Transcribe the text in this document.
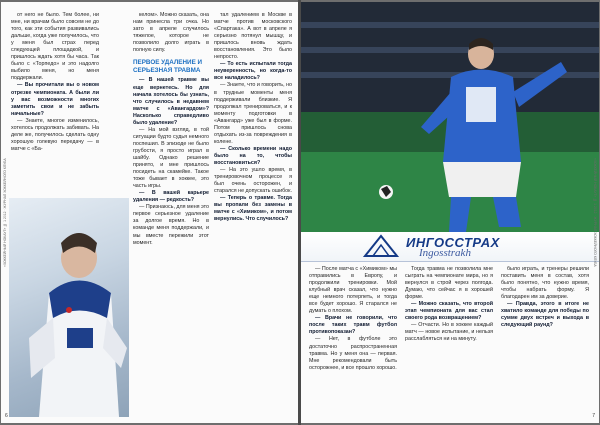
«ХОККЕЙНЫЙ НОКАУТ» № 1 2012 · ЖУРНАЛ ХОККЕЙНОГО КЛУБА

от него не было. Тем более, ни мне, ни врачам было совсем не до того, как эти события развивались дальше, когда уже получилось, что у меня был страх перед следующей площадкой, и пришлось ждать хотя бы часа. Так было с «Торпедо» и это надолго выбило меня, но меня поддержали.

— Вы прочитали вы о новом отрезке чемпионата. А были ли у вас возможности многих заметить свои и не забыть начальные?

— Знаете, многое изменилось, хотелось продолжать забивать. На деле же, получилось сделать одну хорошую голевую передачу — в матче с «Ба-

келом». Можно сказать, она нам принесла три очка. Но зато в апреле случилось тяжелое, которое не позволило долго играть в полную силу.

ПЕРВОЕ УДАЛЕНИЕ И СЕРЬЕЗНАЯ ТРАВМА

— В нашей травме вы еще вернетесь. Но для начала хотелось бы узнать, что случилось в недавнем матче с «Авангардом»? Насколько справедливо было удаление?

— На мой взгляд, в той ситуации будто судья немного поспешил. В эпизоде не было грубости, я просто играл в шайбу. Однако решение принято, и мне пришлось посидеть на скамейке. Такое тоже бывает в хоккее, это часть игры.

— В вашей карьере удаления — редкость?

— Признаюсь, для меня это первое серьезное удаление за долгое время. Но в команде меня поддержали, и мы вместе пережили этот момент.

тал удалением в Москве в матче против московского «Спартака». А вот в апреле я серьезно потянул мышцу, и пришлось вновь ждать восстановления. Это было непросто.

— То есть испытали тогда неуверенность, но когда-то все наладилось?

— Знаете, что и говорить, но в трудные моменты меня поддерживали близкие. Я продолжал тренироваться, и к моменту подготовки в «Авангард» уже был в форме. Потом пришлось снова отдыхать из-за повреждения в колене.

— Сколько времени надо было на то, чтобы восстановиться?

— На это ушло время, в тренировочном процессе я был очень осторожен, и старался не допускать ошибок.

— Теперь о травме. Тогда вы пропали без замены в матче с «Химиком», и потом вернулись. Что случилось?

6
ИНГОССТРАХ
Ingosstrakh

— После матча с «Химиком» мы отправились в Европу, и продолжили тренировки. Мой клубный врач сказал, что нужно еще немного потерпеть, и тогда все будет хорошо. Я старался не думать о плохом.

— Врачи не говорили, что после таких травм футбол противопоказан?

— Нет, в футболе это достаточно распространенная травма. Но у меня она — первая. Мне рекомендовали быть осторожнее, и все прошло хорошо.

Тогда травма не позволила мне сыграть на чемпионате мира, но я вернулся в строй через полгода. Думаю, что сейчас я в хорошей форме.

— Можно сказать, что второй этап чемпионата для вас стал своего рода возвращением?

— Отчасти. Но в хоккее каждый матч — новое испытание, и нельзя расслабляться ни на минуту.

было играть, и тренеры решили поставить меня в состав, хотя было понятно, что нужно время, чтобы набрать форму. Я благодарен им за доверие.

— Правда, этого в итоге не хватило команде для победы по сумме двух встреч и выхода в следующий раунд?

«ХОККЕЙНЫЙ НОКАУТ» № 1 2012 · ЖУРНАЛ ХОККЕЙНОГО КЛУБА
7
